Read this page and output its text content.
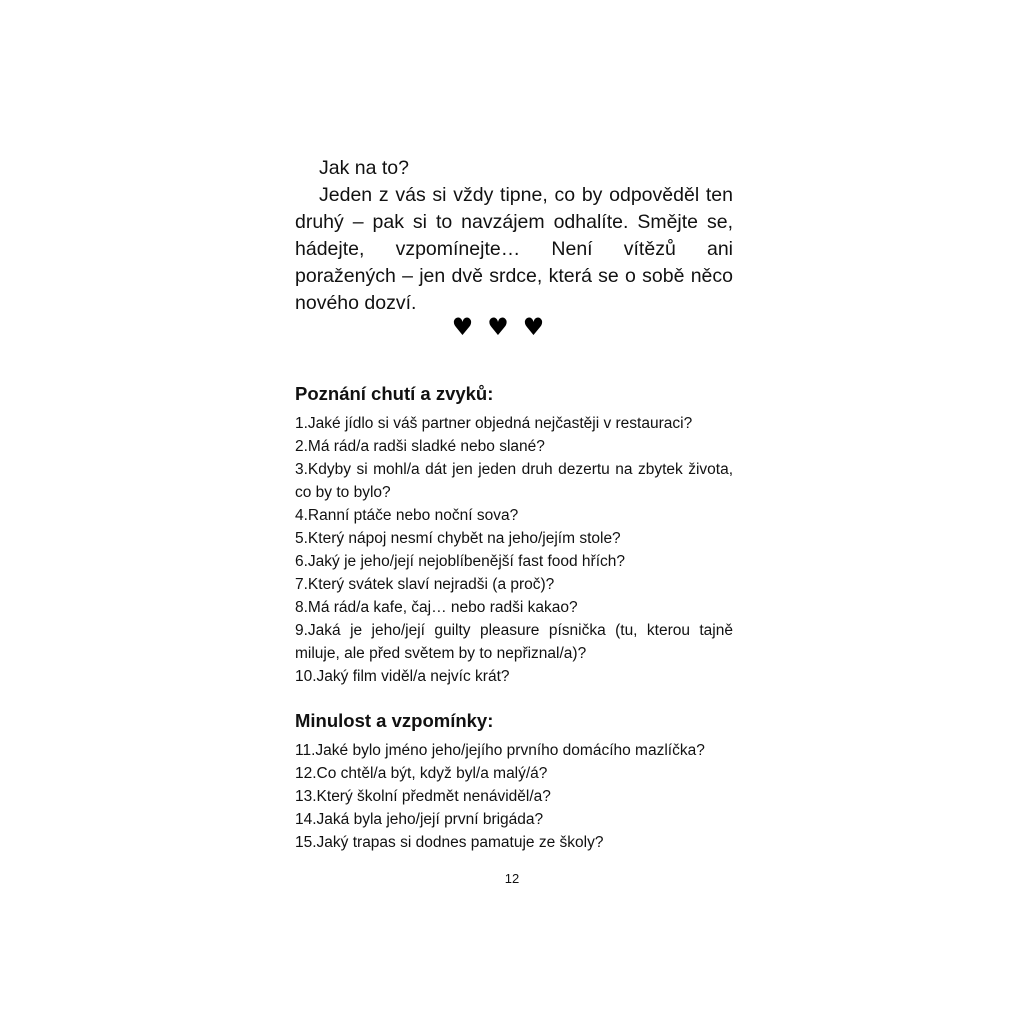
Jak na to?

Jeden z vás si vždy tipne, co by odpověděl ten druhý – pak si to navzájem odhalíte. Smějte se, hádejte, vzpomínejte… Není vítězů ani poražených – jen dvě srdce, která se o sobě něco nového dozví.

♥♥♥
Poznání chutí a zvyků:
1.Jaké jídlo si váš partner objedná nejčastěji v restauraci?
2.Má rád/a radši sladké nebo slané?
3.Kdyby si mohl/a dát jen jeden druh dezertu na zbytek života, co by to bylo?
4.Ranní ptáče nebo noční sova?
5.Který nápoj nesmí chybět na jeho/jejím stole?
6.Jaký je jeho/její nejoblíbenější fast food hřích?
7.Který svátek slaví nejradši (a proč)?
8.Má rád/a kafe, čaj… nebo radši kakao?
9.Jaká je jeho/její guilty pleasure písnička (tu, kterou tajně miluje, ale před světem by to nepřiznal/a)?
10.Jaký film viděl/a nejvíc krát?
Minulost a vzpomínky:
11.Jaké bylo jméno jeho/jejího prvního domácího mazlíčka?
12.Co chtěl/a být, když byl/a malý/á?
13.Který školní předmět nenáviděl/a?
14.Jaká byla jeho/její první brigáda?
15.Jaký trapas si dodnes pamatuje ze školy?
12
